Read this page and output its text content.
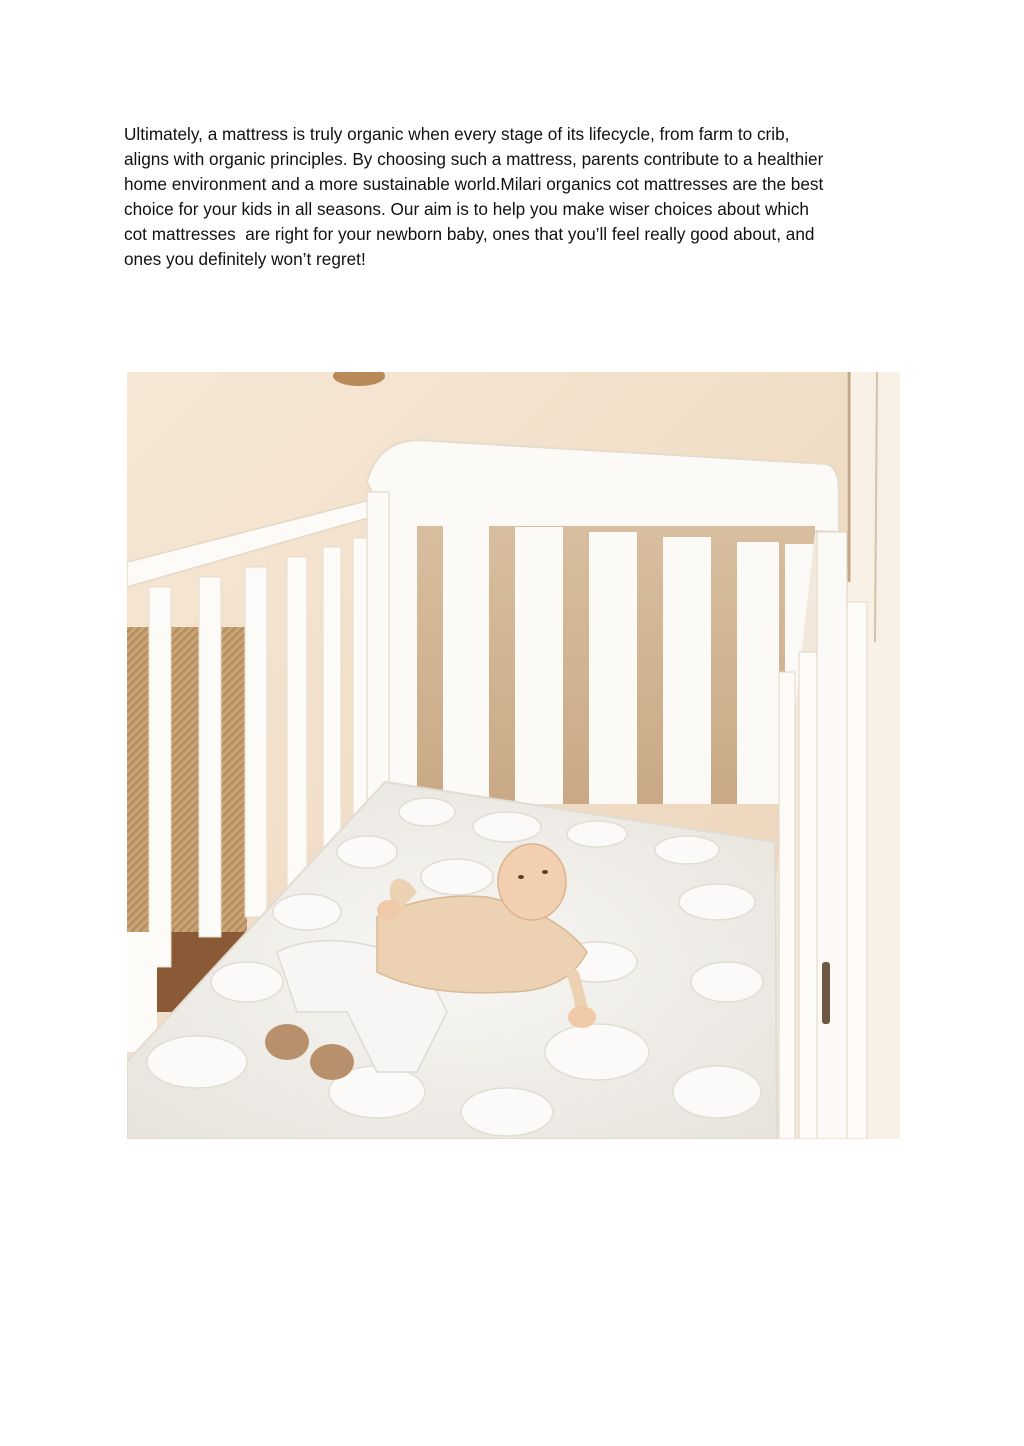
Ultimately, a mattress is truly organic when every stage of its lifecycle, from farm to crib,
aligns with organic principles. By choosing such a mattress, parents contribute to a healthier
home environment and a more sustainable world.Milari organics cot mattresses are the best
choice for your kids in all seasons. Our aim is to help you make wiser choices about which
cot mattresses  are right for your newborn baby, ones that you’ll feel really good about, and
ones you definitely won’t regret!
